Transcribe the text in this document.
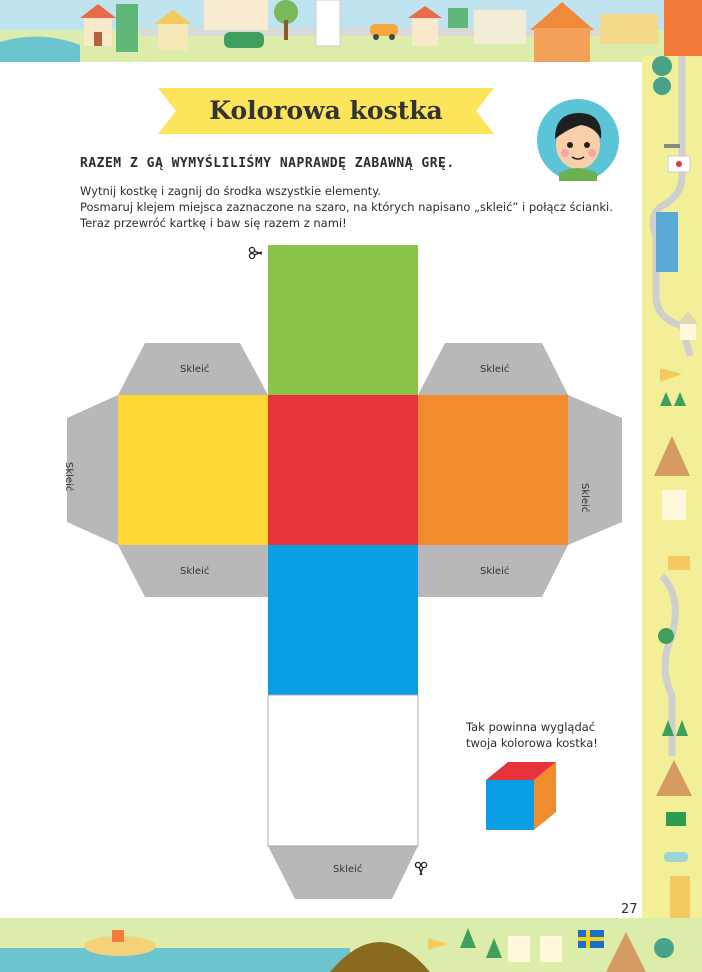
Kolorowa kostka
RAZEM Z GĄ WYMYŚLILIŚMY NAPRAWDĘ ZABAWNĄ GRĘ.
Wytnij kostkę i zagnij do środka wszystkie elementy.
Posmaruj klejem miejsca zaznaczone na szaro, na których napisano „skleić” i połącz ścianki.
Teraz przewróć kartkę i baw się razem z nami!
Skleić	Skleić
Skleić	Skleić
Skleić
Skleić
Skleić
Tak powinna wyglądać
twoja kolorowa kostka!
27
